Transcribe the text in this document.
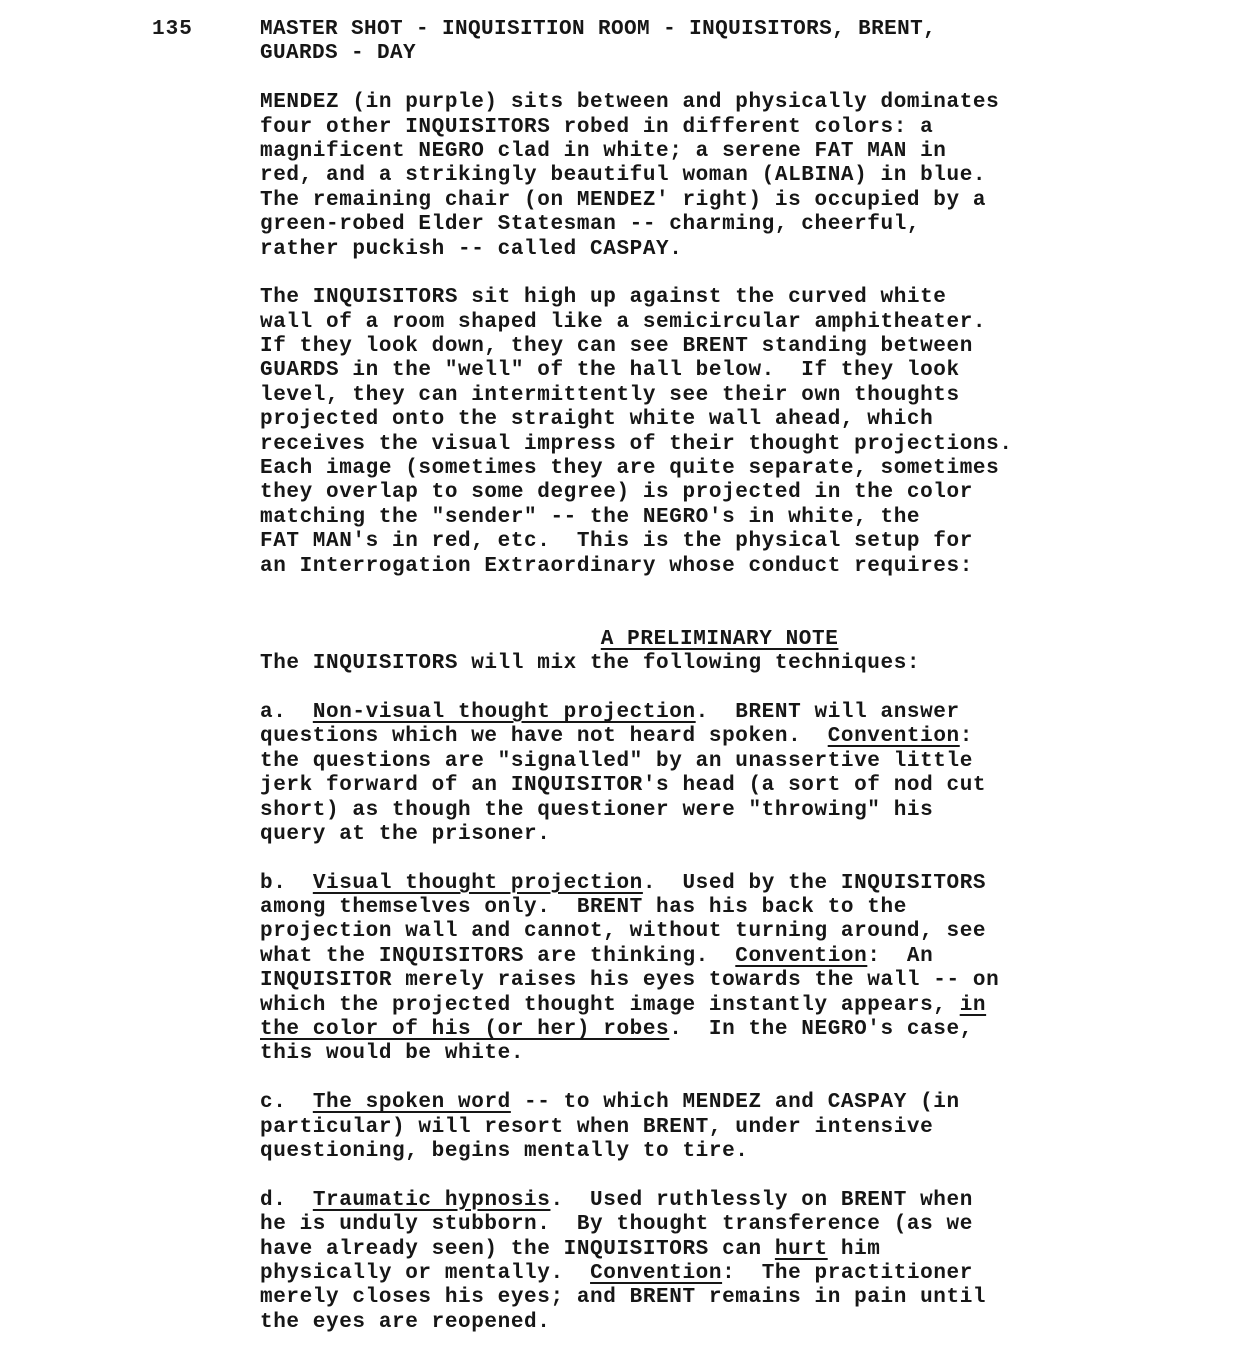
135	MASTER SHOT - INQUISITION ROOM - INQUISITORS, BRENT,
GUARDS - DAY
MENDEZ (in purple) sits between and physically dominates
four other INQUISITORS robed in different colors: a
magnificent NEGRO clad in white; a serene FAT MAN in
red, and a strikingly beautiful woman (ALBINA) in blue.
The remaining chair (on MENDEZ' right) is occupied by a
green-robed Elder Statesman -- charming, cheerful,
rather puckish -- called CASPAY.
The INQUISITORS sit high up against the curved white
wall of a room shaped like a semicircular amphitheater.
If they look down, they can see BRENT standing between
GUARDS in the "well" of the hall below.  If they look
level, they can intermittently see their own thoughts
projected onto the straight white wall ahead, which
receives the visual impress of their thought projections.
Each image (sometimes they are quite separate, sometimes
they overlap to some degree) is projected in the color
matching the "sender" -- the NEGRO's in white, the
FAT MAN's in red, etc.  This is the physical setup for
an Interrogation Extraordinary whose conduct requires:

A PRELIMINARY NOTE

The INQUISITORS will mix the following techniques:
a.  Non-visual thought projection.  BRENT will answer
questions which we have not heard spoken.  Convention:
the questions are "signalled" by an unassertive little
jerk forward of an INQUISITOR's head (a sort of nod cut
short) as though the questioner were "throwing" his
query at the prisoner.
b.  Visual thought projection.  Used by the INQUISITORS
among themselves only.  BRENT has his back to the
projection wall and cannot, without turning around, see
what the INQUISITORS are thinking.  Convention:  An
INQUISITOR merely raises his eyes towards the wall -- on
which the projected thought image instantly appears, in
the color of his (or her) robes.  In the NEGRO's case,
this would be white.
c.  The spoken word -- to which MENDEZ and CASPAY (in
particular) will resort when BRENT, under intensive
questioning, begins mentally to tire.
d.  Traumatic hypnosis.  Used ruthlessly on BRENT when
he is unduly stubborn.  By thought transference (as we
have already seen) the INQUISITORS can hurt him
physically or mentally.  Convention:  The practitioner
merely closes his eyes; and BRENT remains in pain until
the eyes are reopened.
